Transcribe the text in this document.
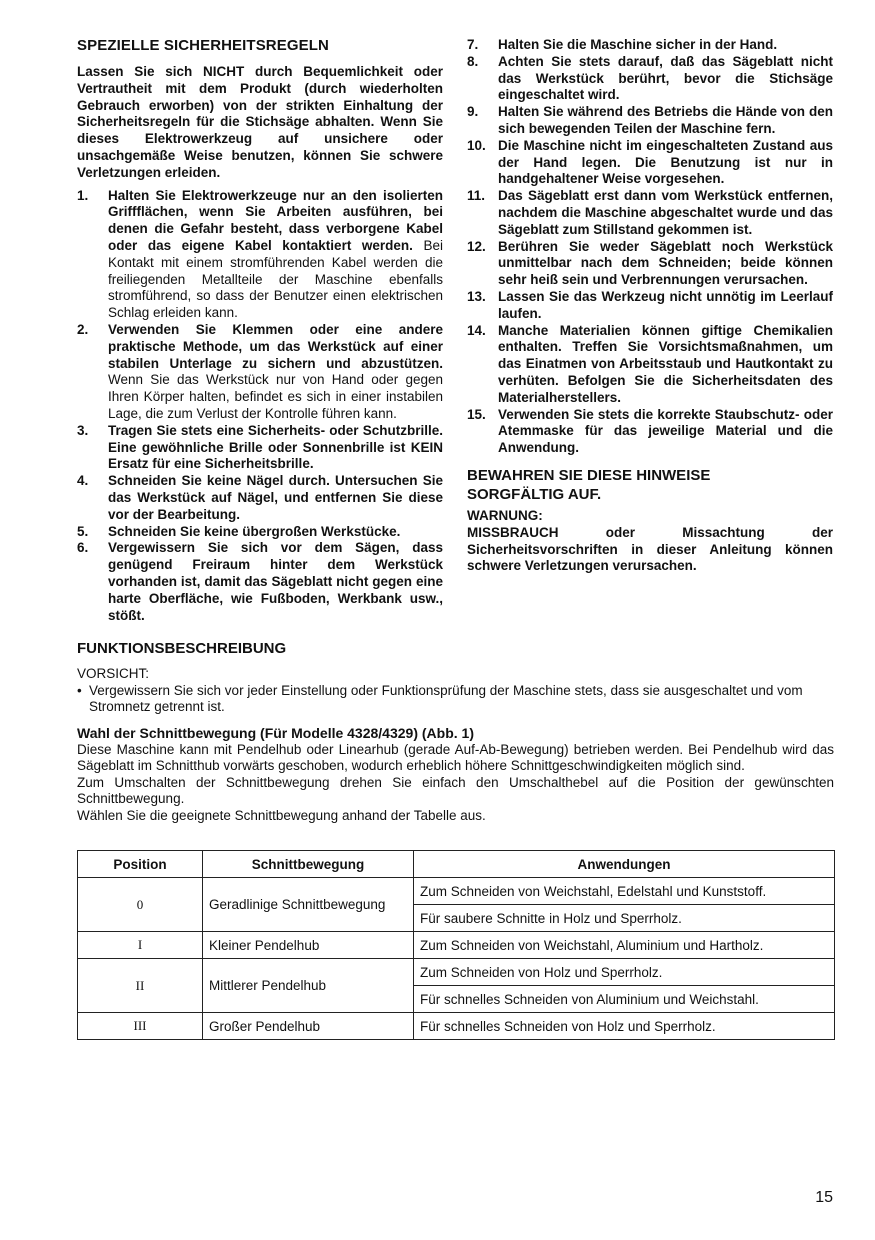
SPEZIELLE SICHERHEITSREGELN

Lassen Sie sich NICHT durch Bequemlichkeit oder Vertrautheit mit dem Produkt (durch wiederholten Gebrauch erworben) von der strikten Einhaltung der Sicherheitsregeln für die Stichsäge abhalten. Wenn Sie dieses Elektrowerkzeug auf unsichere oder unsachgemäße Weise benutzen, können Sie schwere Verletzungen erleiden.

1. Halten Sie Elektrowerkzeuge nur an den isolierten Griffflächen, wenn Sie Arbeiten ausführen, bei denen die Gefahr besteht, dass verborgene Kabel oder das eigene Kabel kontaktiert werden. Bei Kontakt mit einem stromführenden Kabel werden die freiliegenden Metallteile der Maschine ebenfalls stromführend, so dass der Benutzer einen elektrischen Schlag erleiden kann.
2. Verwenden Sie Klemmen oder eine andere praktische Methode, um das Werkstück auf einer stabilen Unterlage zu sichern und abzustützen. Wenn Sie das Werkstück nur von Hand oder gegen Ihren Körper halten, befindet es sich in einer instabilen Lage, die zum Verlust der Kontrolle führen kann.
3. Tragen Sie stets eine Sicherheits- oder Schutzbrille. Eine gewöhnliche Brille oder Sonnenbrille ist KEIN Ersatz für eine Sicherheitsbrille.
4. Schneiden Sie keine Nägel durch. Untersuchen Sie das Werkstück auf Nägel, und entfernen Sie diese vor der Bearbeitung.
5. Schneiden Sie keine übergroßen Werkstücke.
6. Vergewissern Sie sich vor dem Sägen, dass genügend Freiraum hinter dem Werkstück vorhanden ist, damit das Sägeblatt nicht gegen eine harte Oberfläche, wie Fußboden, Werkbank usw., stößt.
7. Halten Sie die Maschine sicher in der Hand.
8. Achten Sie stets darauf, daß das Sägeblatt nicht das Werkstück berührt, bevor die Stichsäge eingeschaltet wird.
9. Halten Sie während des Betriebs die Hände von den sich bewegenden Teilen der Maschine fern.
10. Die Maschine nicht im eingeschalteten Zustand aus der Hand legen. Die Benutzung ist nur in handgehaltener Weise vorgesehen.
11. Das Sägeblatt erst dann vom Werkstück entfernen, nachdem die Maschine abgeschaltet wurde und das Sägeblatt zum Stillstand gekommen ist.
12. Berühren Sie weder Sägeblatt noch Werkstück unmittelbar nach dem Schneiden; beide können sehr heiß sein und Verbrennungen verursachen.
13. Lassen Sie das Werkzeug nicht unnötig im Leerlauf laufen.
14. Manche Materialien können giftige Chemikalien enthalten. Treffen Sie Vorsichtsmaßnahmen, um das Einatmen von Arbeitsstaub und Hautkontakt zu verhüten. Befolgen Sie die Sicherheitsdaten des Materialherstellers.
15. Verwenden Sie stets die korrekte Staubschutz- oder Atemmaske für das jeweilige Material und die Anwendung.
BEWAHREN SIE DIESE HINWEISE
SORGFÄLTIG AUF.
WARNUNG:
MISSBRAUCH oder Missachtung der Sicherheitsvorschriften in dieser Anleitung können schwere Verletzungen verursachen.
FUNKTIONSBESCHREIBUNG
VORSICHT:
• Vergewissern Sie sich vor jeder Einstellung oder Funktionsprüfung der Maschine stets, dass sie ausgeschaltet und vom Stromnetz getrennt ist.
Wahl der Schnittbewegung (Für Modelle 4328/4329) (Abb. 1)

Diese Maschine kann mit Pendelhub oder Linearhub (gerade Auf-Ab-Bewegung) betrieben werden. Bei Pendelhub wird das Sägeblatt im Schnitthub vorwärts geschoben, wodurch erheblich höhere Schnittgeschwindigkeiten möglich sind.

Zum Umschalten der Schnittbewegung drehen Sie einfach den Umschalthebel auf die Position der gewünschten Schnittbewegung.

Wählen Sie die geeignete Schnittbewegung anhand der Tabelle aus.

Position	Schnittbewegung	Anwendungen
0	Geradlinige Schnittbewegung	Zum Schneiden von Weichstahl, Edelstahl und Kunststoff.
		Für saubere Schnitte in Holz und Sperrholz.
I	Kleiner Pendelhub	Zum Schneiden von Weichstahl, Aluminium und Hartholz.
II	Mittlerer Pendelhub	Zum Schneiden von Holz und Sperrholz.
		Für schnelles Schneiden von Aluminium und Weichstahl.
III	Großer Pendelhub	Für schnelles Schneiden von Holz und Sperrholz.
15
